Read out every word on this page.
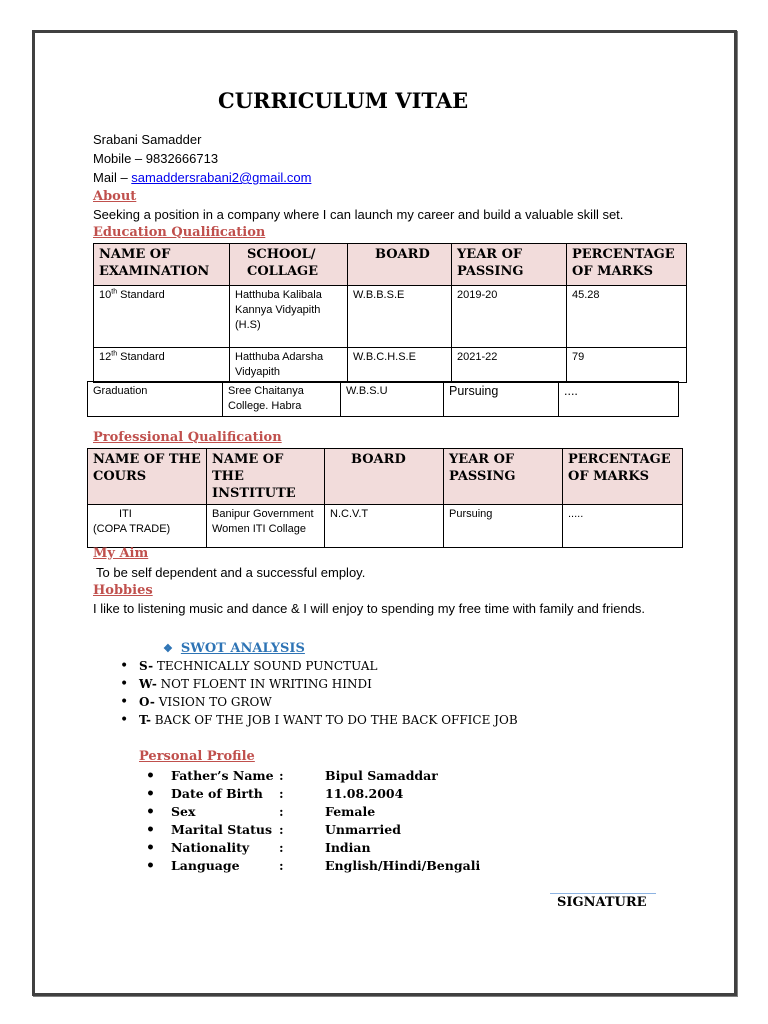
CURRICULUM VITAE
Srabani Samadder
Mobile – 9832666713
Mail – samaddersrabani2@gmail.com
About
Seeking a position in a company where I can launch my career and build a valuable skill set.
Education Qualification
NAME OF EXAMINATION	SCHOOL/ COLLAGE	BOARD	YEAR OF PASSING	PERCENTAGE OF MARKS
10th Standard	Hatthuba Kalibala Kannya Vidyapith (H.S)	W.B.B.S.E	2019-20	45.28
12th Standard	Hatthuba Adarsha Vidyapith	W.B.C.H.S.E	2021-22	79
Graduation	Sree Chaitanya College. Habra	W.B.S.U	Pursuing	....
Professional Qualification
NAME OF THE COURS	NAME OF THE INSTITUTE	BOARD	YEAR OF PASSING	PERCENTAGE OF MARKS

ITI
(COPA TRADE)	Banipur Government Women ITI Collage	N.C.V.T	Pursuing	.....
My Aim
To be self dependent and a successful employ.
Hobbies
I like to listening music and dance & I will enjoy to spending my free time with family and friends.
❖ SWOT ANALYSIS
• S- TECHNICALLY SOUND PUNCTUAL
• W- NOT FLOENT IN WRITING HINDI
• O- VISION TO GROW
• T- BACK OF THE JOB I WANT TO DO THE BACK OFFICE JOB
Personal Profile
• Father’s Name :	Bipul Samaddar
• Date of Birth :	11.08.2004
• Sex	:	Female
• Marital Status :	Unmarried
• Nationality :	Indian
• Language	:	English/Hindi/Bengali
SIGNATURE
